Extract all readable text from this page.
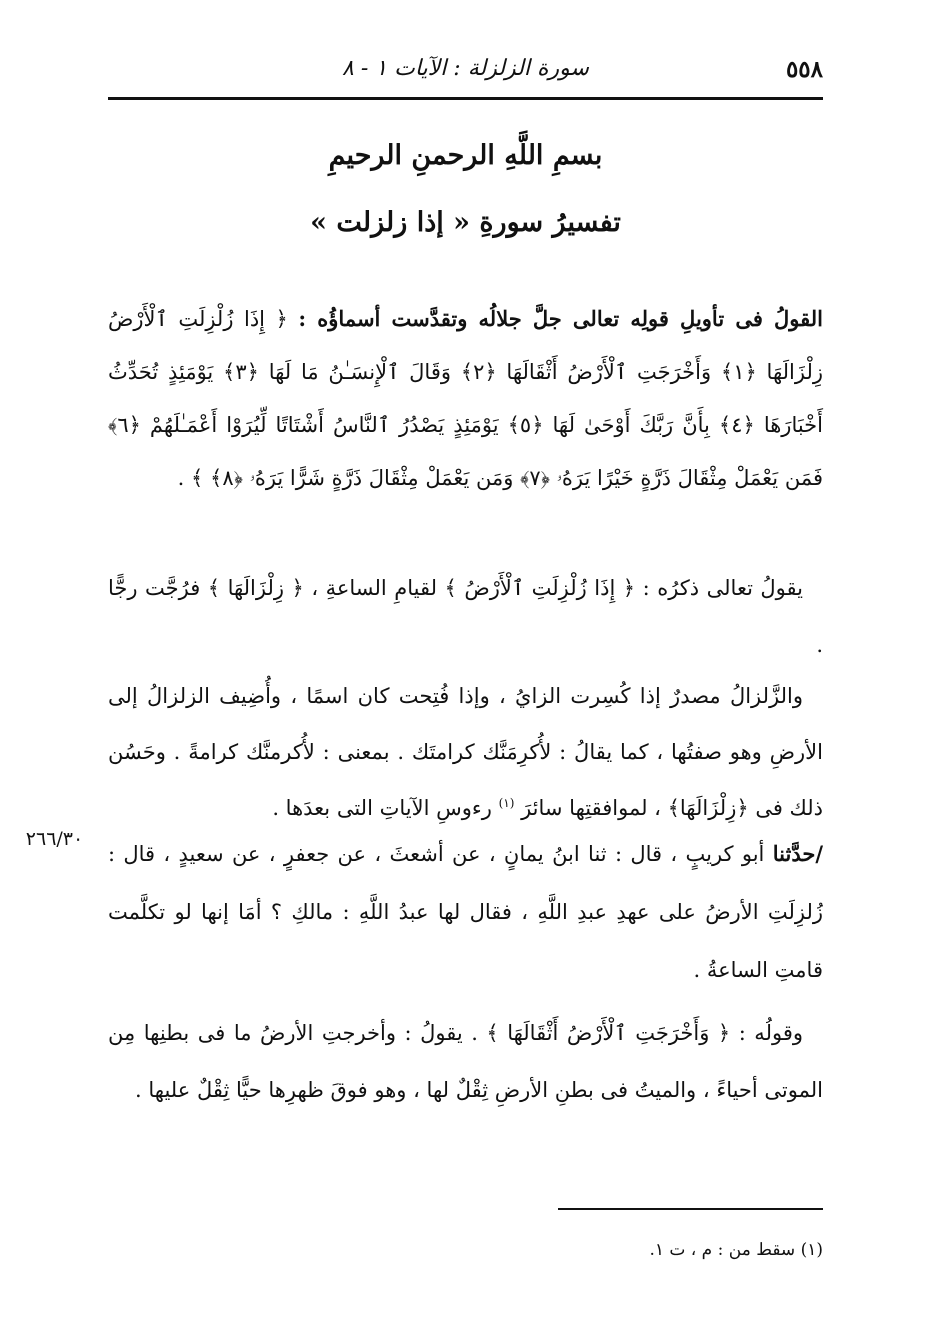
٥٥٨
سورة الزلزلة : الآيات ١ - ٨
بسمِ اللَّهِ الرحمنِ الرحيمِ
تفسيرُ سورةِ « إذا زلزلت »
القولُ فى تأويلِ قولِه تعالى جلَّ جلالُه وتقدَّست أسماؤُه : ﴿ إِذَا زُلْزِلَتِ ٱلْأَرْضُ زِلْزَالَهَا ﴿١﴾ وَأَخْرَجَتِ ٱلْأَرْضُ أَثْقَالَهَا ﴿٢﴾ وَقَالَ ٱلْإِنسَـٰنُ مَا لَهَا ﴿٣﴾ يَوْمَئِذٍ تُحَدِّثُ أَخْبَارَهَا ﴿٤﴾ بِأَنَّ رَبَّكَ أَوْحَىٰ لَهَا ﴿٥﴾ يَوْمَئِذٍ يَصْدُرُ ٱلنَّاسُ أَشْتَاتًا لِّيُرَوْا أَعْمَـٰلَهُمْ ﴿٦﴾ فَمَن يَعْمَلْ مِثْقَالَ ذَرَّةٍ خَيْرًا يَرَهُۥ ﴿٧﴾ وَمَن يَعْمَلْ مِثْقَالَ ذَرَّةٍ شَرًّا يَرَهُۥ ﴿٨﴾ ﴾ .
يقولُ تعالى ذكرُه : ﴿ إِذَا زُلْزِلَتِ ٱلْأَرْضُ ﴾ لقيامِ الساعةِ ، ﴿ زِلْزَالَهَا ﴾ فرُجَّت رجًّا .
والزَّلزالُ مصدرٌ إذا كُسِرت الزايُ ، وإذا فُتِحت كان اسمًا ، وأُضِيف الزلزالُ إلى الأرضِ وهو صفتُها ، كما يقالُ : لأُكرِمَنَّك كرامتَك . بمعنى : لأُكرمنَّك كرامةً . وحَسُن ذلك فى ﴿زِلْزَالَهَا﴾ ، لموافقتِها سائرَ $^{(١)}$ رءوسِ الآياتِ التى بعدَها .
٢٦٦/٣٠
/حدَّثنا أبو كريبٍ ، قال : ثنا ابنُ يمانٍ ، عن أشعثَ ، عن جعفرٍ ، عن سعيدٍ ، قال : زُلزِلَتِ الأرضُ على عهدِ عبدِ اللَّهِ ، فقال لها عبدُ اللَّهِ : مالكِ ؟ أمَا إنها لو تكلَّمت قامتِ الساعةُ .
وقولُه : ﴿ وَأَخْرَجَتِ ٱلْأَرْضُ أَثْقَالَهَا ﴾ . يقولُ : وأخرجتِ الأرضُ ما فى بطنِها مِن الموتى أحياءً ، والميتُ فى بطنِ الأرضِ ثِقْلٌ لها ، وهو فوقَ ظهرِها حيًّا ثِقْلٌ عليها .
(١) سقط من : م ، ت ١.
